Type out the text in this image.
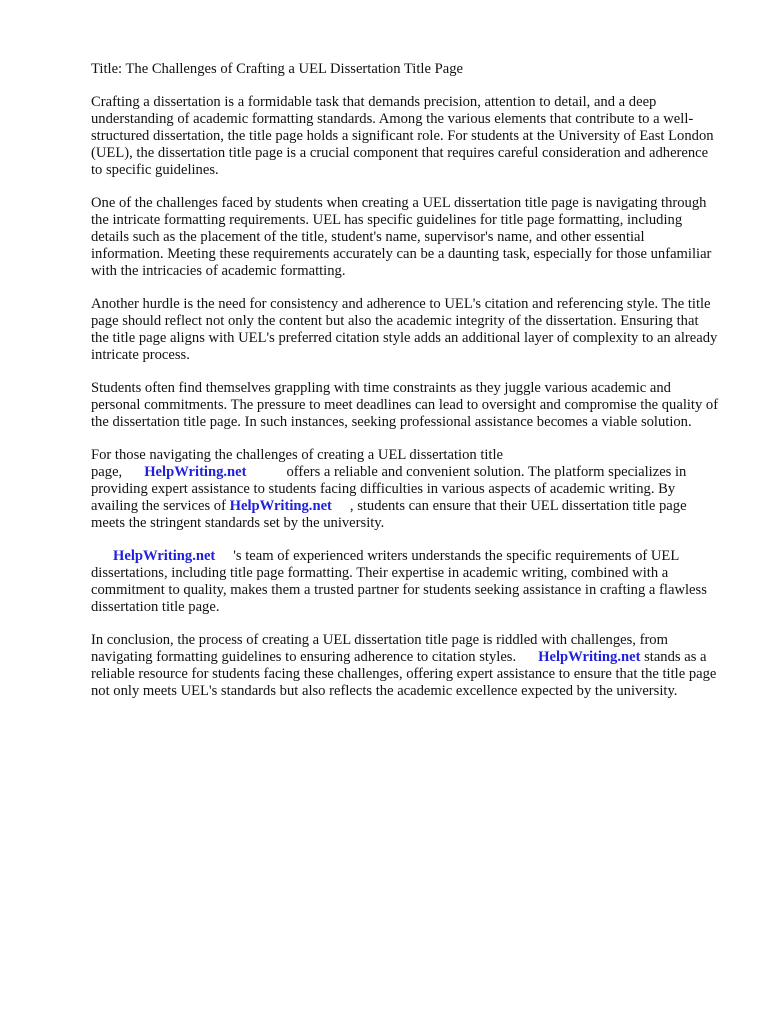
Title: The Challenges of Crafting a UEL Dissertation Title Page

Crafting a dissertation is a formidable task that demands precision, attention to detail, and a deep understanding of academic formatting standards. Among the various elements that contribute to a well-structured dissertation, the title page holds a significant role. For students at the University of East London (UEL), the dissertation title page is a crucial component that requires careful consideration and adherence to specific guidelines.

One of the challenges faced by students when creating a UEL dissertation title page is navigating through the intricate formatting requirements. UEL has specific guidelines for title page formatting, including details such as the placement of the title, student's name, supervisor's name, and other essential information. Meeting these requirements accurately can be a daunting task, especially for those unfamiliar with the intricacies of academic formatting.

Another hurdle is the need for consistency and adherence to UEL's citation and referencing style. The title page should reflect not only the content but also the academic integrity of the dissertation. Ensuring that the title page aligns with UEL's preferred citation style adds an additional layer of complexity to an already intricate process.

Students often find themselves grappling with time constraints as they juggle various academic and personal commitments. The pressure to meet deadlines can lead to oversight and compromise the quality of the dissertation title page. In such instances, seeking professional assistance becomes a viable solution.

For those navigating the challenges of creating a UEL dissertation title page, HelpWriting.net	offers a reliable and convenient solution. The platform specializes in providing expert assistance to students facing difficulties in various aspects of academic writing. By availing the services of HelpWriting.net , students can ensure that their UEL dissertation title page meets the stringent standards set by the university.

HelpWriting.net 's team of experienced writers understands the specific requirements of UEL dissertations, including title page formatting. Their expertise in academic writing, combined with a commitment to quality, makes them a trusted partner for students seeking assistance in crafting a flawless dissertation title page.

In conclusion, the process of creating a UEL dissertation title page is riddled with challenges, from navigating formatting guidelines to ensuring adherence to citation styles. HelpWriting.net stands as a reliable resource for students facing these challenges, offering expert assistance to ensure that the title page not only meets UEL's standards but also reflects the academic excellence expected by the university.
